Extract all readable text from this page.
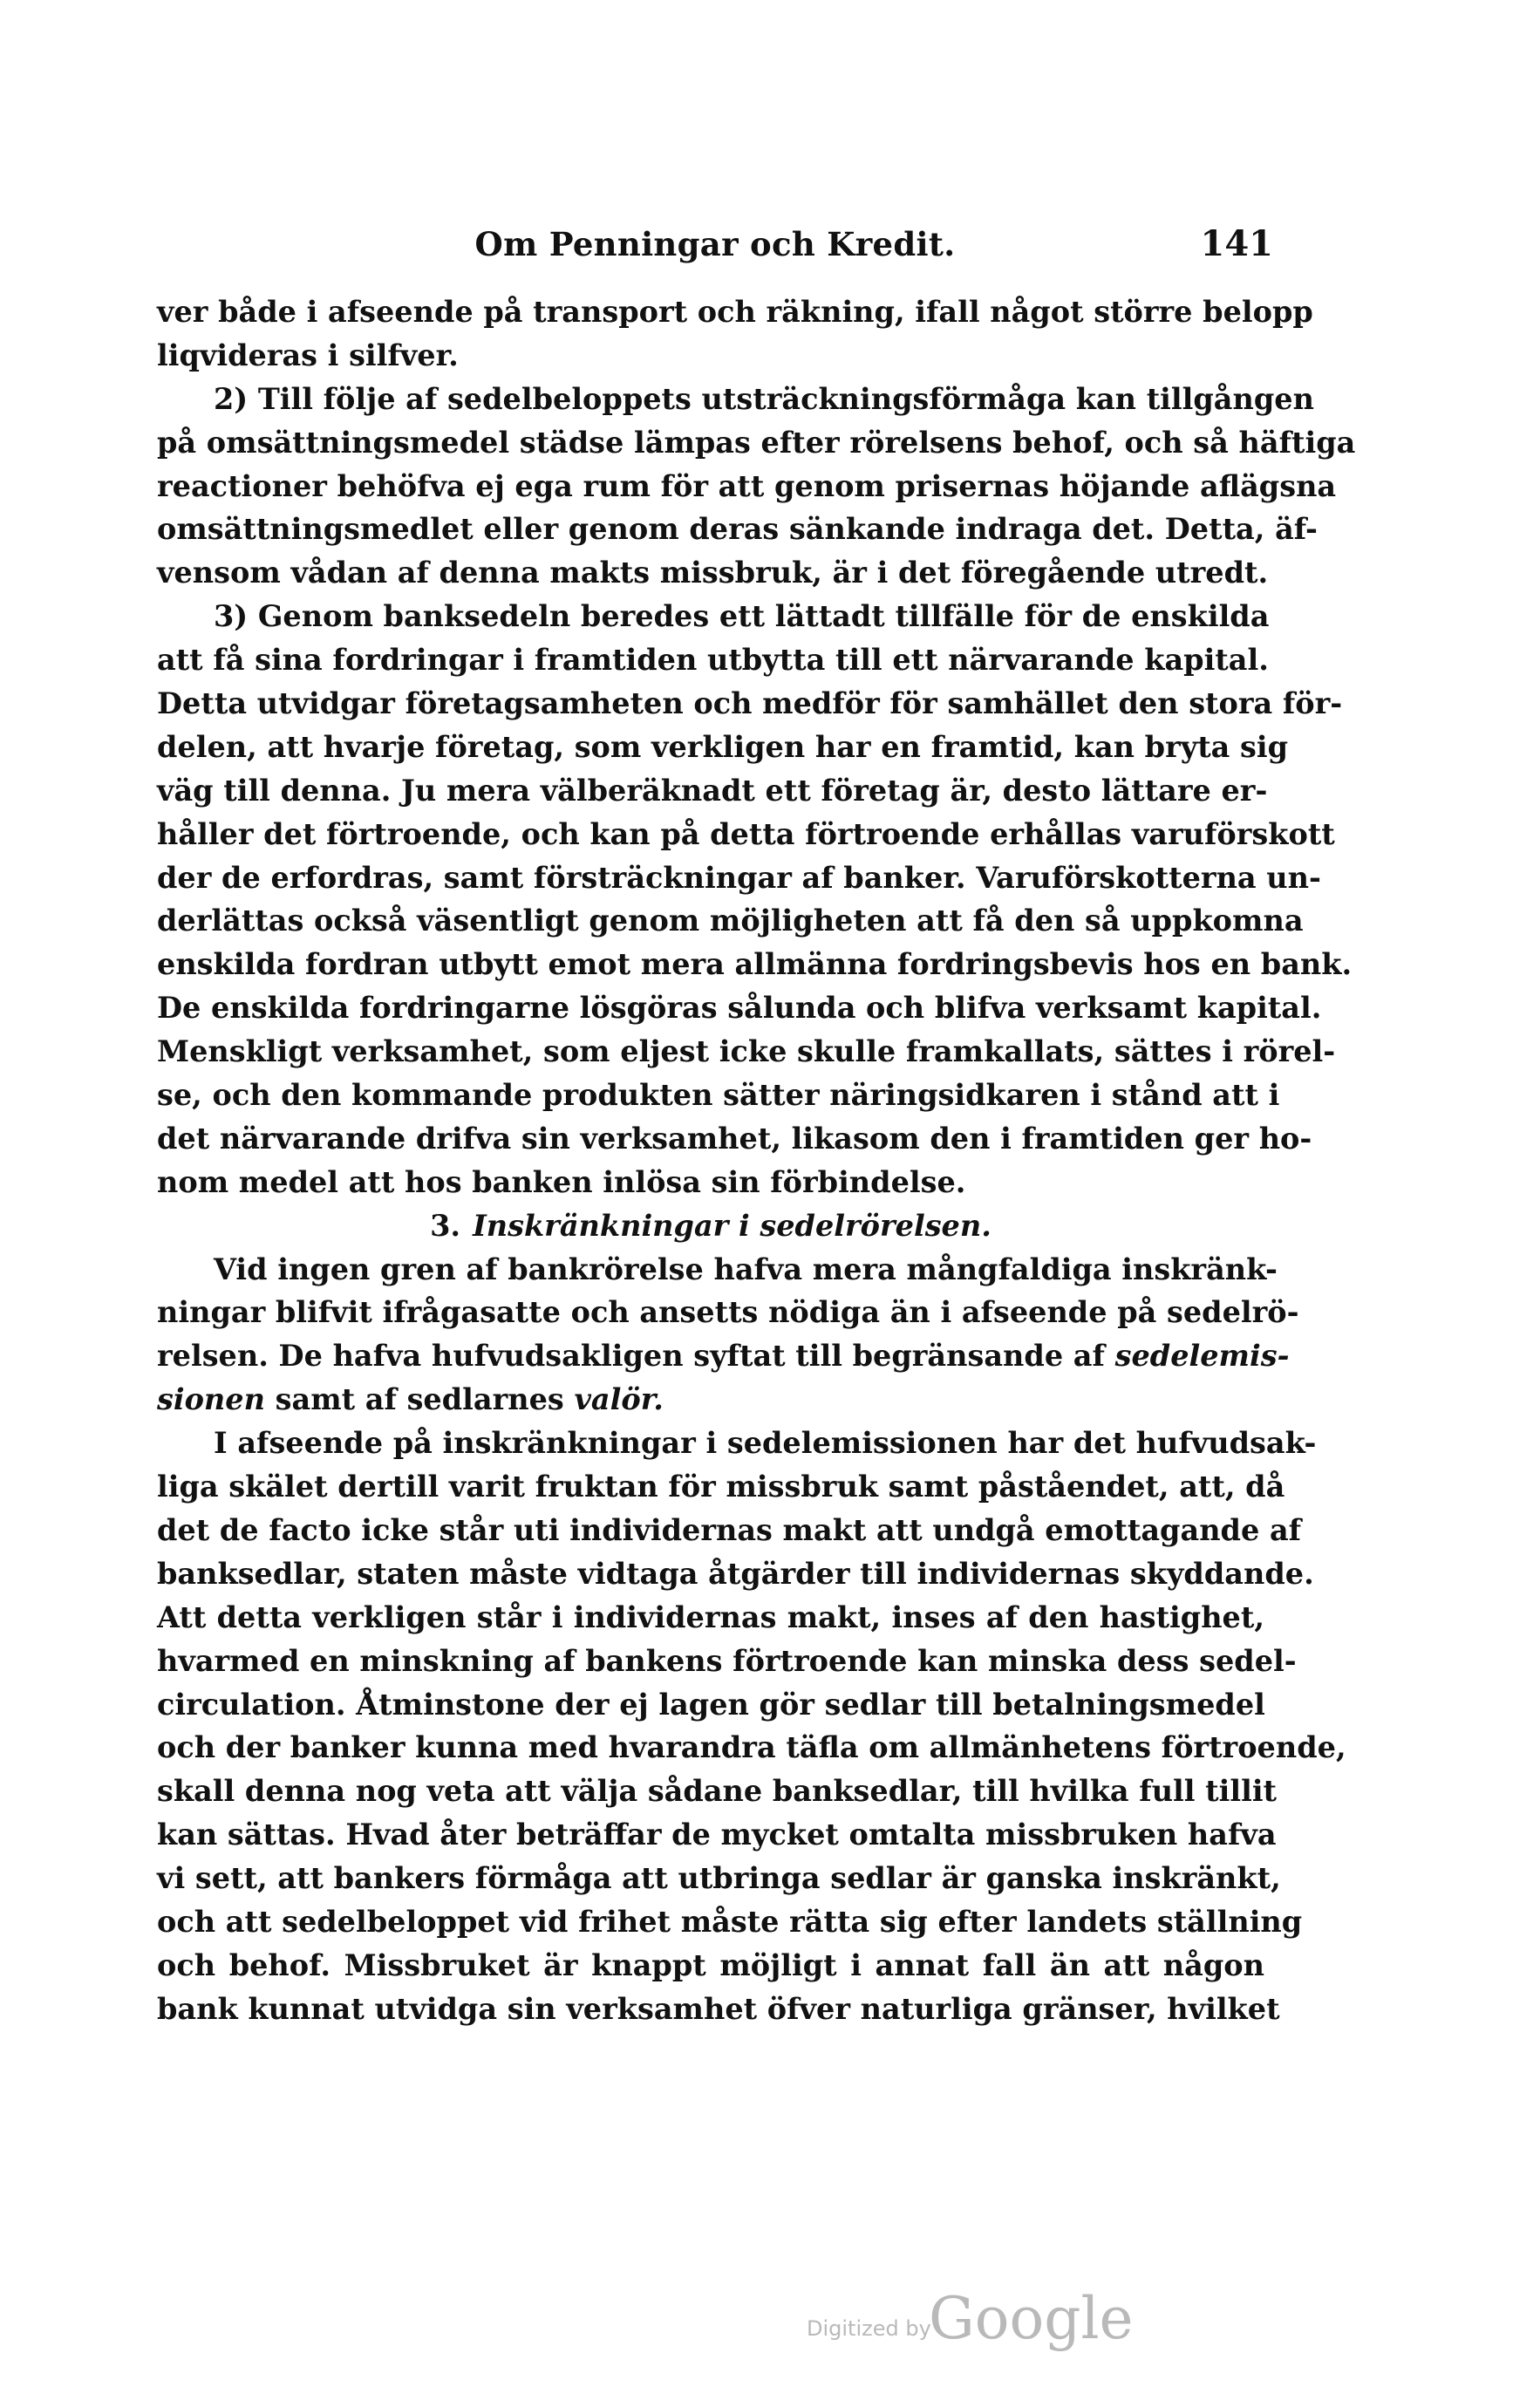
Om Penningar och Kredit.	141
ver både i afseende på transport och räkning, ifall något större belopp
liqvideras i silfver.
2) Till följe af sedelbeloppets utsträckningsförmåga kan tillgången
på omsättningsmedel städse lämpas efter rörelsens behof, och så häftiga
reactioner behöfva ej ega rum för att genom prisernas höjande aflägsna
omsättningsmedlet eller genom deras sänkande indraga det. Detta, äf-
vensom vådan af denna makts missbruk, är i det föregående utredt.
3) Genom banksedeln beredes ett lättadt tillfälle för de enskilda
att få sina fordringar i framtiden utbytta till ett närvarande kapital.
Detta utvidgar företagsamheten och medför för samhället den stora för-
delen, att hvarje företag, som verkligen har en framtid, kan bryta sig
väg till denna. Ju mera välberäknadt ett företag är, desto lättare er-
håller det förtroende, och kan på detta förtroende erhållas varuförskott
der de erfordras, samt försträckningar af banker. Varuförskotterna un-
derlättas också väsentligt genom möjligheten att få den så uppkomna
enskilda fordran utbytt emot mera allmänna fordringsbevis hos en bank.
De enskilda fordringarne lösgöras sålunda och blifva verksamt kapital.
Menskligt verksamhet, som eljest icke skulle framkallats, sättes i rörel-
se, och den kommande produkten sätter näringsidkaren i stånd att i
det närvarande drifva sin verksamhet, likasom den i framtiden ger ho-
nom medel att hos banken inlösa sin förbindelse.
3. Inskränkningar i sedelrörelsen.
Vid ingen gren af bankrörelse hafva mera mångfaldiga inskränk-
ningar blifvit ifrågasatte och ansetts nödiga än i afseende på sedelrö-
relsen. De hafva hufvudsakligen syftat till begränsande af sedelemis-
sionen samt af sedlarnes valör.
I afseende på inskränkningar i sedelemissionen har det hufvudsak-
liga skälet dertill varit fruktan för missbruk samt påståendet, att, då
det de facto icke står uti individernas makt att undgå emottagande af
banksedlar, staten måste vidtaga åtgärder till individernas skyddande.
Att detta verkligen står i individernas makt, inses af den hastighet,
hvarmed en minskning af bankens förtroende kan minska dess sedel-
circulation. Åtminstone der ej lagen gör sedlar till betalningsmedel
och der banker kunna med hvarandra täfla om allmänhetens förtroende,
skall denna nog veta att välja sådane banksedlar, till hvilka full tillit
kan sättas. Hvad åter beträffar de mycket omtalta missbruken hafva
vi sett, att bankers förmåga att utbringa sedlar är ganska inskränkt,
och att sedelbeloppet vid frihet måste rätta sig efter landets ställning
och behof. Missbruket är knappt möjligt i annat fall än att någon
bank kunnat utvidga sin verksamhet öfver naturliga gränser, hvilket
Digitized by
Google
